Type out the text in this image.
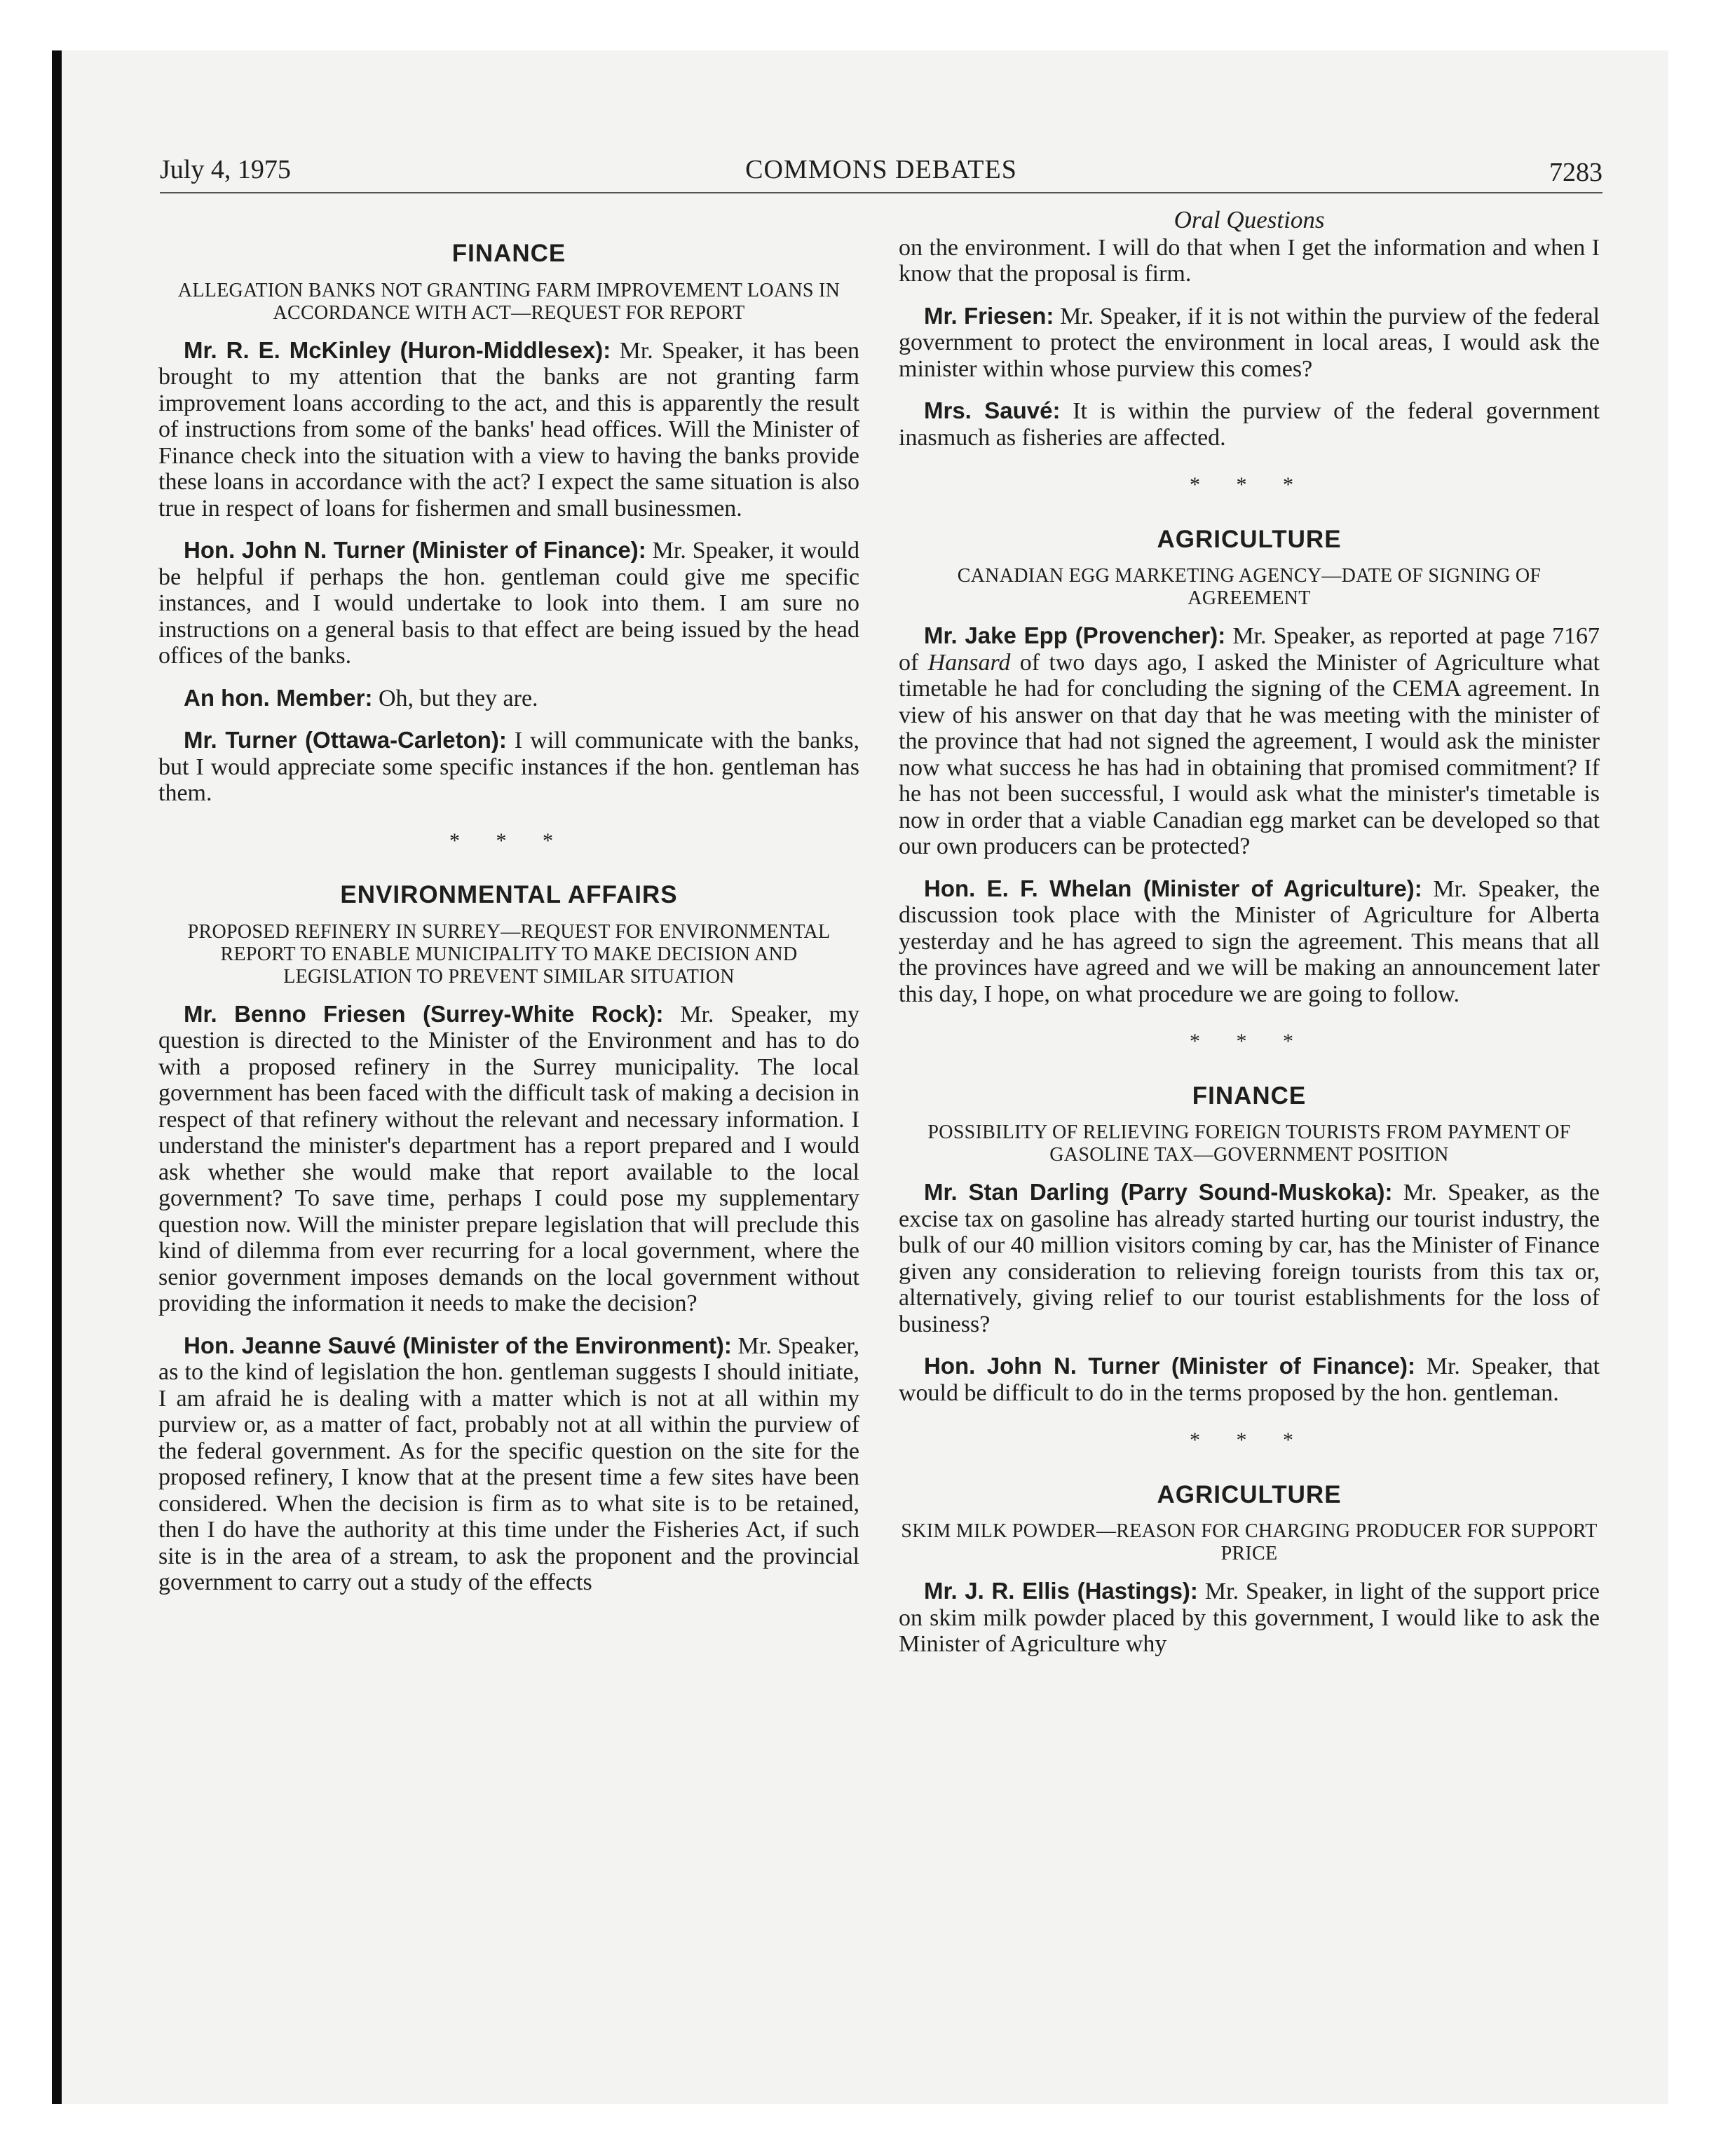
July 4, 1975	COMMONS DEBATES	7283
FINANCE
ALLEGATION BANKS NOT GRANTING FARM IMPROVEMENT LOANS IN ACCORDANCE WITH ACT—REQUEST FOR REPORT

Mr. R. E. McKinley (Huron-Middlesex): Mr. Speaker, it has been brought to my attention that the banks are not granting farm improvement loans according to the act, and this is apparently the result of instructions from some of the banks' head offices. Will the Minister of Finance check into the situation with a view to having the banks provide these loans in accordance with the act? I expect the same situation is also true in respect of loans for fishermen and small businessmen.

Hon. John N. Turner (Minister of Finance): Mr. Speaker, it would be helpful if perhaps the hon. gentleman could give me specific instances, and I would undertake to look into them. I am sure no instructions on a general basis to that effect are being issued by the head offices of the banks.

An hon. Member: Oh, but they are.

Mr. Turner (Ottawa-Carleton): I will communicate with the banks, but I would appreciate some specific instances if the hon. gentleman has them.

* * *
ENVIRONMENTAL AFFAIRS
PROPOSED REFINERY IN SURREY—REQUEST FOR ENVIRONMENTAL REPORT TO ENABLE MUNICIPALITY TO MAKE DECISION AND LEGISLATION TO PREVENT SIMILAR SITUATION

Mr. Benno Friesen (Surrey-White Rock): Mr. Speaker, my question is directed to the Minister of the Environment and has to do with a proposed refinery in the Surrey municipality. The local government has been faced with the difficult task of making a decision in respect of that refinery without the relevant and necessary information. I understand the minister's department has a report prepared and I would ask whether she would make that report available to the local government? To save time, perhaps I could pose my supplementary question now. Will the minister prepare legislation that will preclude this kind of dilemma from ever recurring for a local government, where the senior government imposes demands on the local government without providing the information it needs to make the decision?

Hon. Jeanne Sauvé (Minister of the Environment): Mr. Speaker, as to the kind of legislation the hon. gentleman suggests I should initiate, I am afraid he is dealing with a matter which is not at all within my purview or, as a matter of fact, probably not at all within the purview of the federal government. As for the specific question on the site for the proposed refinery, I know that at the present time a few sites have been considered. When the decision is firm as to what site is to be retained, then I do have the authority at this time under the Fisheries Act, if such site is in the area of a stream, to ask the proponent and the provincial government to carry out a study of the effects

Oral Questions

on the environment. I will do that when I get the information and when I know that the proposal is firm.

Mr. Friesen: Mr. Speaker, if it is not within the purview of the federal government to protect the environment in local areas, I would ask the minister within whose purview this comes?

Mrs. Sauvé: It is within the purview of the federal government inasmuch as fisheries are affected.

* * *
AGRICULTURE
CANADIAN EGG MARKETING AGENCY—DATE OF SIGNING OF AGREEMENT

Mr. Jake Epp (Provencher): Mr. Speaker, as reported at page 7167 of Hansard of two days ago, I asked the Minister of Agriculture what timetable he had for concluding the signing of the CEMA agreement. In view of his answer on that day that he was meeting with the minister of the province that had not signed the agreement, I would ask the minister now what success he has had in obtaining that promised commitment? If he has not been successful, I would ask what the minister's timetable is now in order that a viable Canadian egg market can be developed so that our own producers can be protected?

Hon. E. F. Whelan (Minister of Agriculture): Mr. Speaker, the discussion took place with the Minister of Agriculture for Alberta yesterday and he has agreed to sign the agreement. This means that all the provinces have agreed and we will be making an announcement later this day, I hope, on what procedure we are going to follow.

* * *
FINANCE
POSSIBILITY OF RELIEVING FOREIGN TOURISTS FROM PAYMENT OF GASOLINE TAX—GOVERNMENT POSITION

Mr. Stan Darling (Parry Sound-Muskoka): Mr. Speaker, as the excise tax on gasoline has already started hurting our tourist industry, the bulk of our 40 million visitors coming by car, has the Minister of Finance given any consideration to relieving foreign tourists from this tax or, alternatively, giving relief to our tourist establishments for the loss of business?

Hon. John N. Turner (Minister of Finance): Mr. Speaker, that would be difficult to do in the terms proposed by the hon. gentleman.

* * *
AGRICULTURE
SKIM MILK POWDER—REASON FOR CHARGING PRODUCER FOR SUPPORT PRICE

Mr. J. R. Ellis (Hastings): Mr. Speaker, in light of the support price on skim milk powder placed by this government, I would like to ask the Minister of Agriculture why
